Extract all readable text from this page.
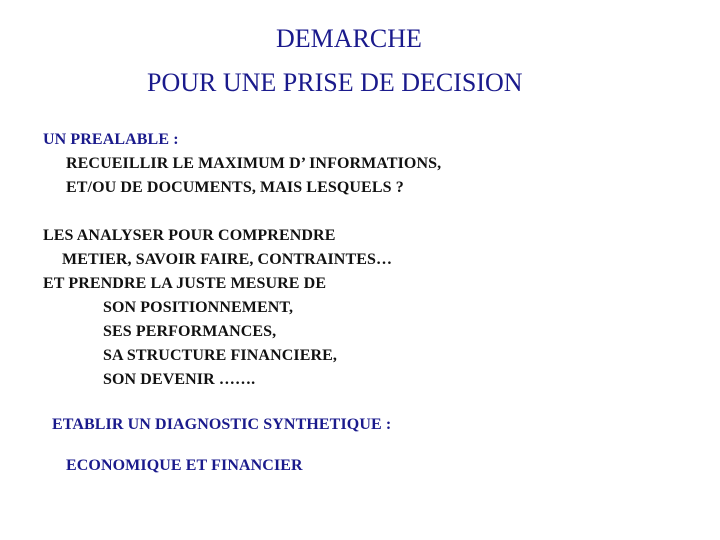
DEMARCHE
POUR UNE PRISE DE DECISION
UN PREALABLE :
RECUEILLIR LE MAXIMUM D’ INFORMATIONS,
ET/OU DE DOCUMENTS, MAIS LESQUELS ?
LES ANALYSER POUR COMPRENDRE
METIER, SAVOIR FAIRE, CONTRAINTES…
ET PRENDRE LA JUSTE MESURE DE
SON POSITIONNEMENT,
SES PERFORMANCES,
SA STRUCTURE FINANCIERE,
SON DEVENIR …….
ETABLIR UN DIAGNOSTIC SYNTHETIQUE :
ECONOMIQUE ET FINANCIER
